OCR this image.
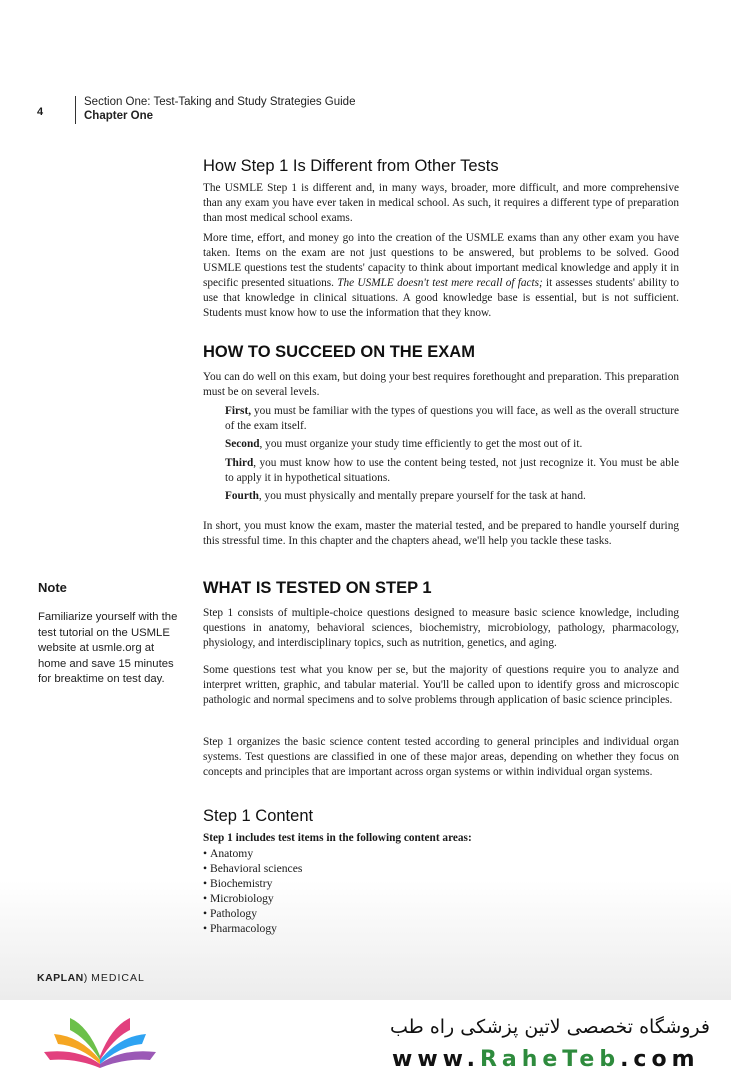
4
Section One: Test-Taking and Study Strategies Guide
Chapter One
How Step 1 Is Different from Other Tests

The USMLE Step 1 is different and, in many ways, broader, more difficult, and more comprehensive than any exam you have ever taken in medical school. As such, it requires a different type of preparation than most medical school exams.

More time, effort, and money go into the creation of the USMLE exams than any other exam you have taken. Items on the exam are not just questions to be answered, but problems to be solved. Good USMLE questions test the students' capacity to think about important medical knowledge and apply it in specific presented situations. The USMLE doesn't test mere recall of facts; it assesses students' ability to use that knowledge in clinical situations. A good knowledge base is essential, but is not sufficient. Students must know how to use the information that they know.

HOW TO SUCCEED ON THE EXAM

You can do well on this exam, but doing your best requires forethought and preparation. This preparation must be on several levels.

First, you must be familiar with the types of questions you will face, as well as the overall structure of the exam itself.

Second, you must organize your study time efficiently to get the most out of it.

Third, you must know how to use the content being tested, not just recognize it. You must be able to apply it in hypothetical situations.

Fourth, you must physically and mentally prepare yourself for the task at hand.

In short, you must know the exam, master the material tested, and be prepared to handle yourself during this stressful time. In this chapter and the chapters ahead, we'll help you tackle these tasks.

WHAT IS TESTED ON STEP 1

Step 1 consists of multiple-choice questions designed to measure basic science knowledge, including questions in anatomy, behavioral sciences, biochemistry, microbiology, pathology, pharmacology, physiology, and interdisciplinary topics, such as nutrition, genetics, and aging.

Some questions test what you know per se, but the majority of questions require you to analyze and interpret written, graphic, and tabular material. You'll be called upon to identify gross and microscopic pathologic and normal specimens and to solve problems through application of basic science principles.

Step 1 organizes the basic science content tested according to general principles and individual organ systems. Test questions are classified in one of these major areas, depending on whether they focus on concepts and principles that are important across organ systems or within individual organ systems.

Step 1 Content

Step 1 includes test items in the following content areas:

• Anatomy
• Behavioral sciences
• Biochemistry
• Microbiology
• Pathology
• Pharmacology
Note
Familiarize yourself with the test tutorial on the USMLE website at usmle.org at home and save 15 minutes for breaktime on test day.
KAPLAN) MEDICAL
فروشگاه تخصصی لاتین پزشکی راه طب
www.RaheTeb.com
